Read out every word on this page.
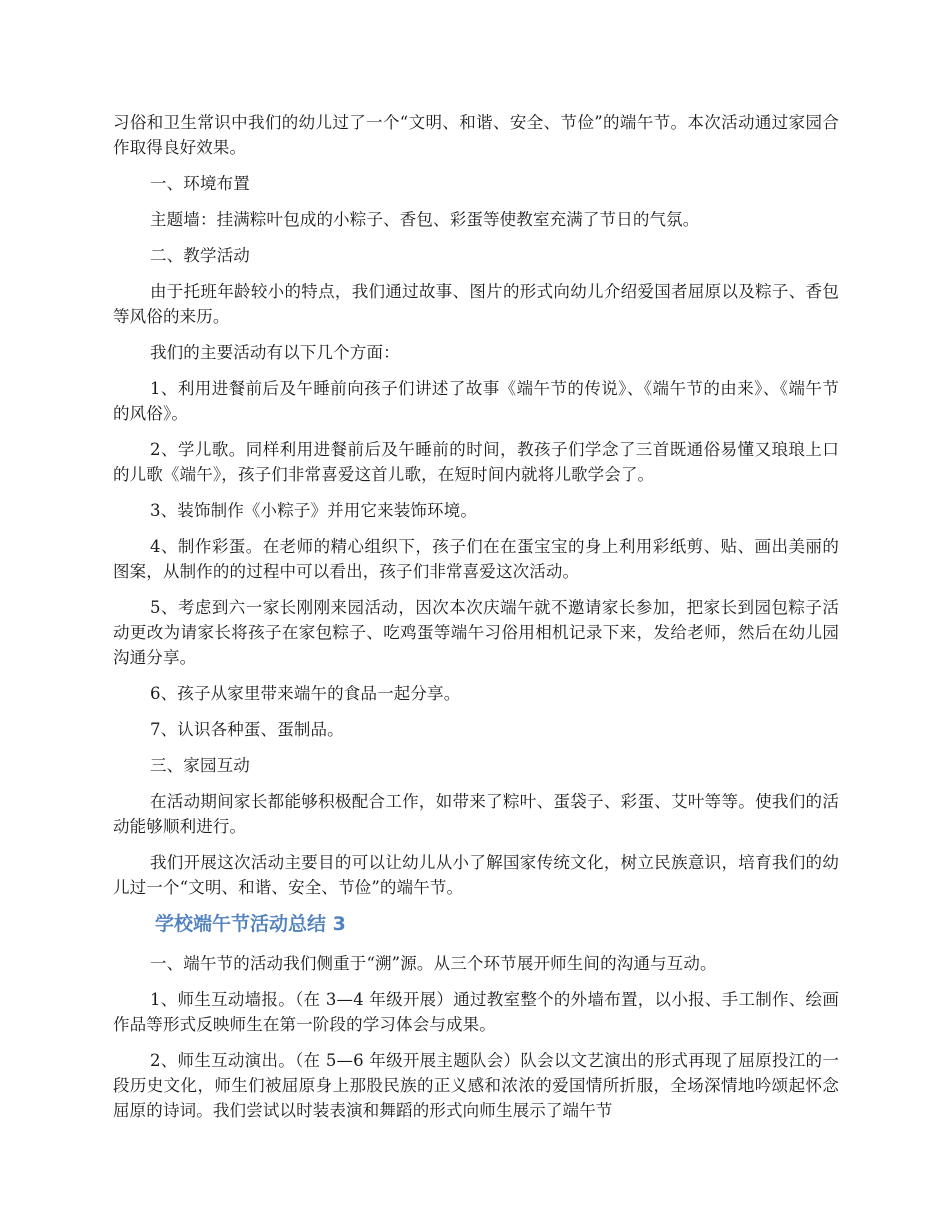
习俗和卫生常识中我们的幼儿过了一个“文明、和谐、安全、节俭”的端午节。本次活动通过家园合作取得良好效果。

一、环境布置

主题墙：挂满粽叶包成的小粽子、香包、彩蛋等使教室充满了节日的气氛。

二、教学活动

由于托班年龄较小的特点，我们通过故事、图片的形式向幼儿介绍爱国者屈原以及粽子、香包等风俗的来历。

我们的主要活动有以下几个方面：

1、利用进餐前后及午睡前向孩子们讲述了故事《端午节的传说》、《端午节的由来》、《端午节的风俗》。

2、学儿歌。同样利用进餐前后及午睡前的时间，教孩子们学念了三首既通俗易懂又琅琅上口的儿歌《端午》，孩子们非常喜爱这首儿歌，在短时间内就将儿歌学会了。

3、装饰制作《小粽子》并用它来装饰环境。

4、制作彩蛋。在老师的精心组织下，孩子们在在蛋宝宝的身上利用彩纸剪、贴、画出美丽的图案，从制作的的过程中可以看出，孩子们非常喜爱这次活动。

5、考虑到六一家长刚刚来园活动，因次本次庆端午就不邀请家长参加，把家长到园包粽子活动更改为请家长将孩子在家包粽子、吃鸡蛋等端午习俗用相机记录下来，发给老师，然后在幼儿园沟通分享。

6、孩子从家里带来端午的食品一起分享。

7、认识各种蛋、蛋制品。

三、家园互动

在活动期间家长都能够积极配合工作，如带来了粽叶、蛋袋子、彩蛋、艾叶等等。使我们的活动能够顺利进行。

我们开展这次活动主要目的可以让幼儿从小了解国家传统文化，树立民族意识，培育我们的幼儿过一个“文明、和谐、安全、节俭”的端午节。

学校端午节活动总结 3

一、端午节的活动我们侧重于“溯”源。从三个环节展开师生间的沟通与互动。

1、师生互动墙报。（在 3—4 年级开展）通过教室整个的外墙布置，以小报、手工制作、绘画作品等形式反映师生在第一阶段的学习体会与成果。

2、师生互动演出。（在 5—6 年级开展主题队会）队会以文艺演出的形式再现了屈原投江的一段历史文化，师生们被屈原身上那股民族的正义感和浓浓的爱国情所折服，全场深情地吟颂起怀念屈原的诗词。我们尝试以时装表演和舞蹈的形式向师生展示了端午节
